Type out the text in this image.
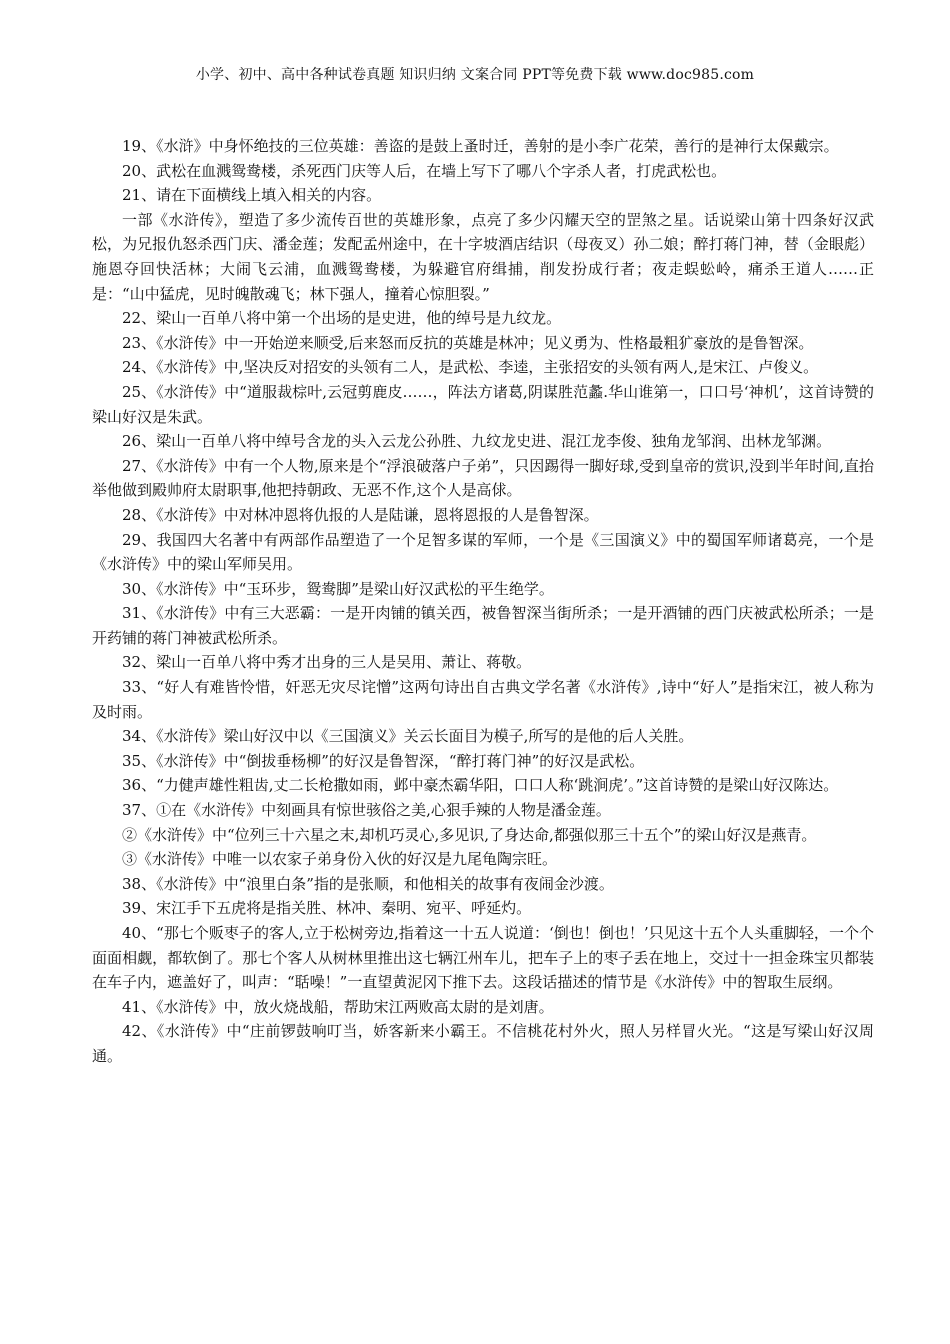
小学、初中、高中各种试卷真题 知识归纳 文案合同 PPT等免费下载 www.doc985.com

19、《水浒》中身怀绝技的三位英雄：善盗的是鼓上蚤时迁，善射的是小李广花荣，善行的是神行太保戴宗。

20、武松在血溅鸳鸯楼，杀死西门庆等人后，在墙上写下了哪八个字杀人者，打虎武松也。

21、请在下面横线上填入相关的内容。

一部《水浒传》，塑造了多少流传百世的英雄形象，点亮了多少闪耀天空的罡煞之星。话说梁山第十四条好汉武松，为兄报仇怒杀西门庆、潘金莲；发配孟州途中，在十字坡酒店结识（母夜叉）孙二娘；醉打蒋门神，替（金眼彪）施恩夺回快活林；大闹飞云浦，血溅鸳鸯楼，为躲避官府缉捕，削发扮成行者；夜走蜈蚣岭，痛杀王道人……正是：“山中猛虎，见时魄散魂飞；林下强人，撞着心惊胆裂。”

22、梁山一百单八将中第一个出场的是史进，他的绰号是九纹龙。

23、《水浒传》中一开始逆来顺受,后来怒而反抗的英雄是林冲；见义勇为、性格最粗犷豪放的是鲁智深。

24、《水浒传》中,坚决反对招安的头领有二人，是武松、李逵，主张招安的头领有两人,是宋江、卢俊义。

25、《水浒传》中“道服裁棕叶,云冠剪鹿皮……，阵法方诸葛,阴谋胜范蠡.华山谁第一，口口号‘神机’，这首诗赞的梁山好汉是朱武。

26、梁山一百单八将中绰号含龙的头入云龙公孙胜、九纹龙史进、混江龙李俊、独角龙邹润、出林龙邹渊。

27、《水浒传》中有一个人物,原来是个“浮浪破落户子弟”，只因踢得一脚好球,受到皇帝的赏识,没到半年时间,直抬举他做到殿帅府太尉职事,他把持朝政、无恶不作,这个人是高俅。

28、《水浒传》中对林冲恩将仇报的人是陆谦，恩将恩报的人是鲁智深。

29、我国四大名著中有两部作品塑造了一个足智多谋的军师，一个是《三国演义》中的蜀国军师诸葛亮，一个是《水浒传》中的梁山军师吴用。

30、《水浒传》中“玉环步，鸳鸯脚”是梁山好汉武松的平生绝学。

31、《水浒传》中有三大恶霸：一是开肉铺的镇关西，被鲁智深当街所杀；一是开酒铺的西门庆被武松所杀；一是开药铺的蒋门神被武松所杀。

32、梁山一百单八将中秀才出身的三人是吴用、萧让、蒋敬。

33、“好人有难皆怜惜，奸恶无灾尽诧憎”这两句诗出自古典文学名著《水浒传》,诗中“好人”是指宋江，被人称为及时雨。

34、《水浒传》梁山好汉中以《三国演义》关云长面目为模子,所写的是他的后人关胜。

35、《水浒传》中“倒拔垂杨柳”的好汉是鲁智深，“醉打蒋门神”的好汉是武松。

36、“力健声雄性粗齿,丈二长枪撒如雨，邺中豪杰霸华阳，口口人称‘跳涧虎’。”这首诗赞的是梁山好汉陈达。

37、①在《水浒传》中刻画具有惊世骇俗之美,心狠手辣的人物是潘金莲。

②《水浒传》中“位列三十六星之末,却机巧灵心,多见识,了身达命,都强似那三十五个”的梁山好汉是燕青。

③《水浒传》中唯一以农家子弟身份入伙的好汉是九尾龟陶宗旺。

38、《水浒传》中“浪里白条”指的是张顺，和他相关的故事有夜闹金沙渡。

39、宋江手下五虎将是指关胜、林冲、秦明、宛平、呼延灼。

40、“那七个贩枣子的客人,立于松树旁边,指着这一十五人说道：‘倒也！倒也！’只见这十五个人头重脚轻，一个个面面相觑，都软倒了。那七个客人从树林里推出这七辆江州车儿，把车子上的枣子丢在地上，交过十一担金珠宝贝都装在车子内，遮盖好了，叫声：“聒噪！”一直望黄泥冈下推下去。这段话描述的情节是《水浒传》中的智取生辰纲。

41、《水浒传》中，放火烧战船，帮助宋江两败高太尉的是刘唐。

42、《水浒传》中“庄前锣鼓响叮当，娇客新来小霸王。不信桃花村外火，照人另样冒火光。“这是写梁山好汉周通。
